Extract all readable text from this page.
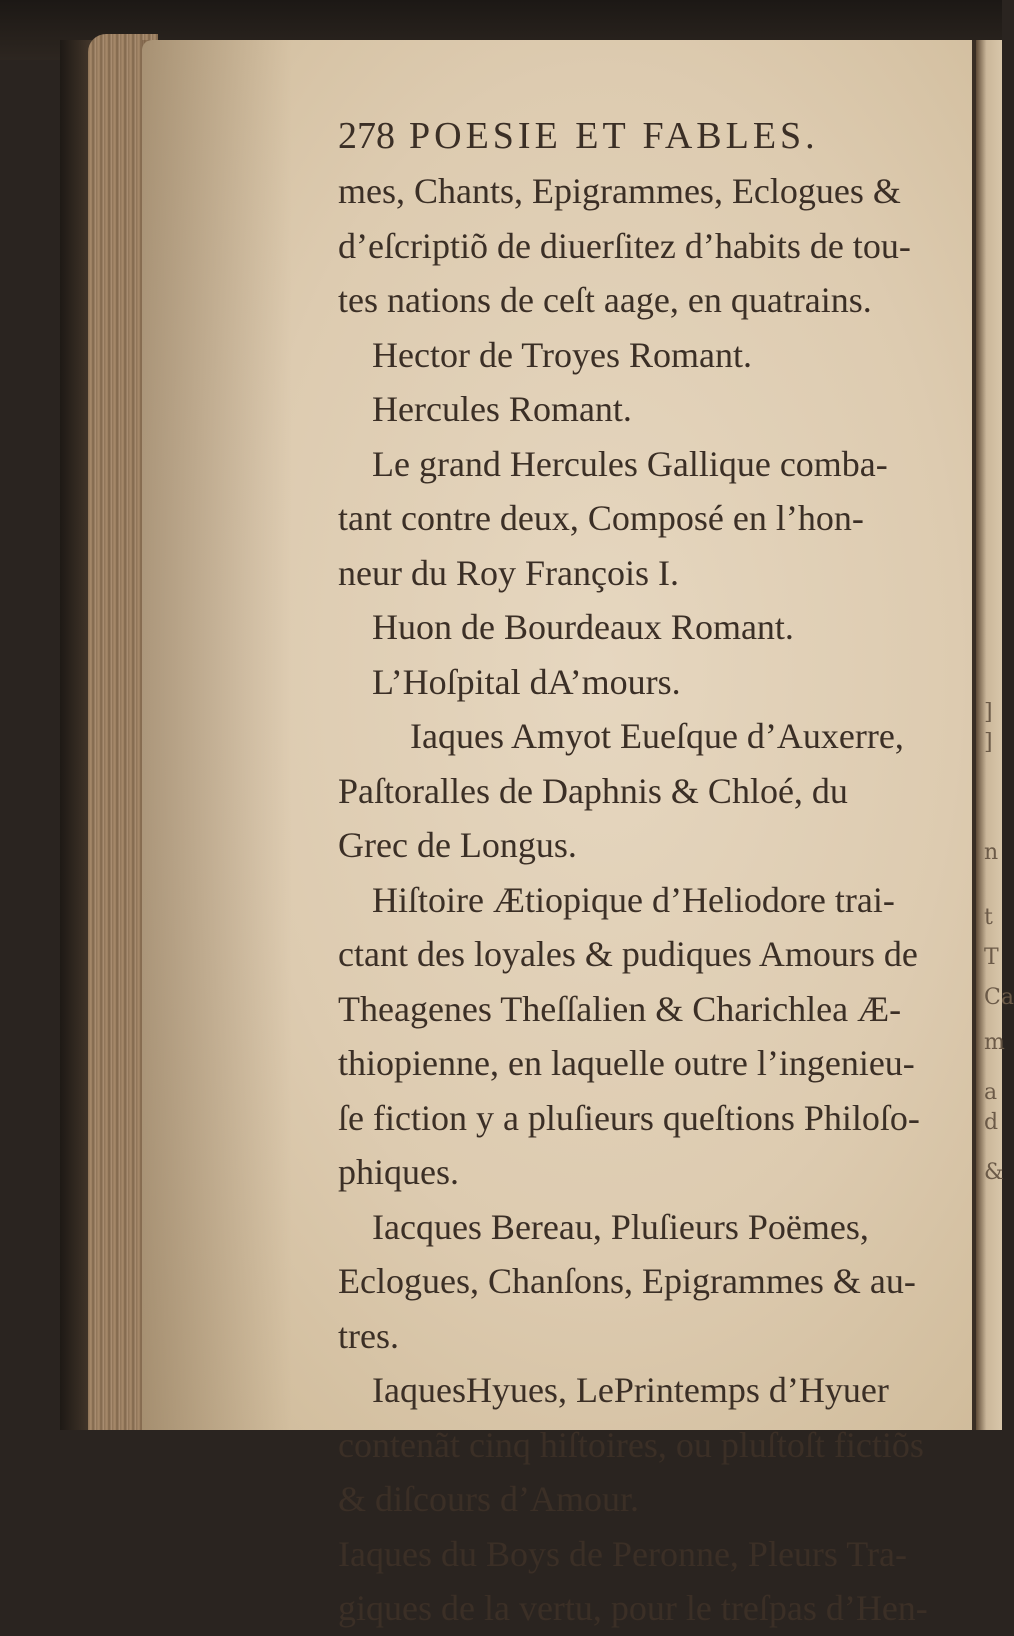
]
]
n
t
T
Ca
m
a
d
&
278 POESIE ET FABLES.
mes, Chants, Epigrammes, Eclogues &
d’eſcriptiõ de diuerſitez d’habits de tou-
tes nations de ceſt aage, en quatrains.
Hector de Troyes Romant.
Hercules Romant.
Le grand Hercules Gallique comba-
tant contre deux, Composé en l’hon-
neur du Roy François I.
Huon de Bourdeaux Romant.
L’Hoſpital dA’mours.
Iaques Amyot Eueſque d’Auxerre,
Paſtoralles de Daphnis & Chloé, du
Grec de Longus.
Hiſtoire Ætiopique d’Heliodore trai-
ctant des loyales & pudiques Amours de
Theagenes Theſſalien & Charichlea Æ-
thiopienne, en laquelle outre l’ingenieu-
ſe fiction y a pluſieurs queſtions Philoſo-
phiques.
Iacques Bereau, Pluſieurs Poëmes,
Eclogues, Chanſons, Epigrammes & au-
tres.
IaquesHyues, LePrintemps d’Hyuer
contenãt cinq hiſtoires, ou pluſtoſt fictiõs
& diſcours d’Amour.
Iaques du Boys de Peronne, Pleurs Tra-
giques de la vertu, pour le treſpas d’Hen-
